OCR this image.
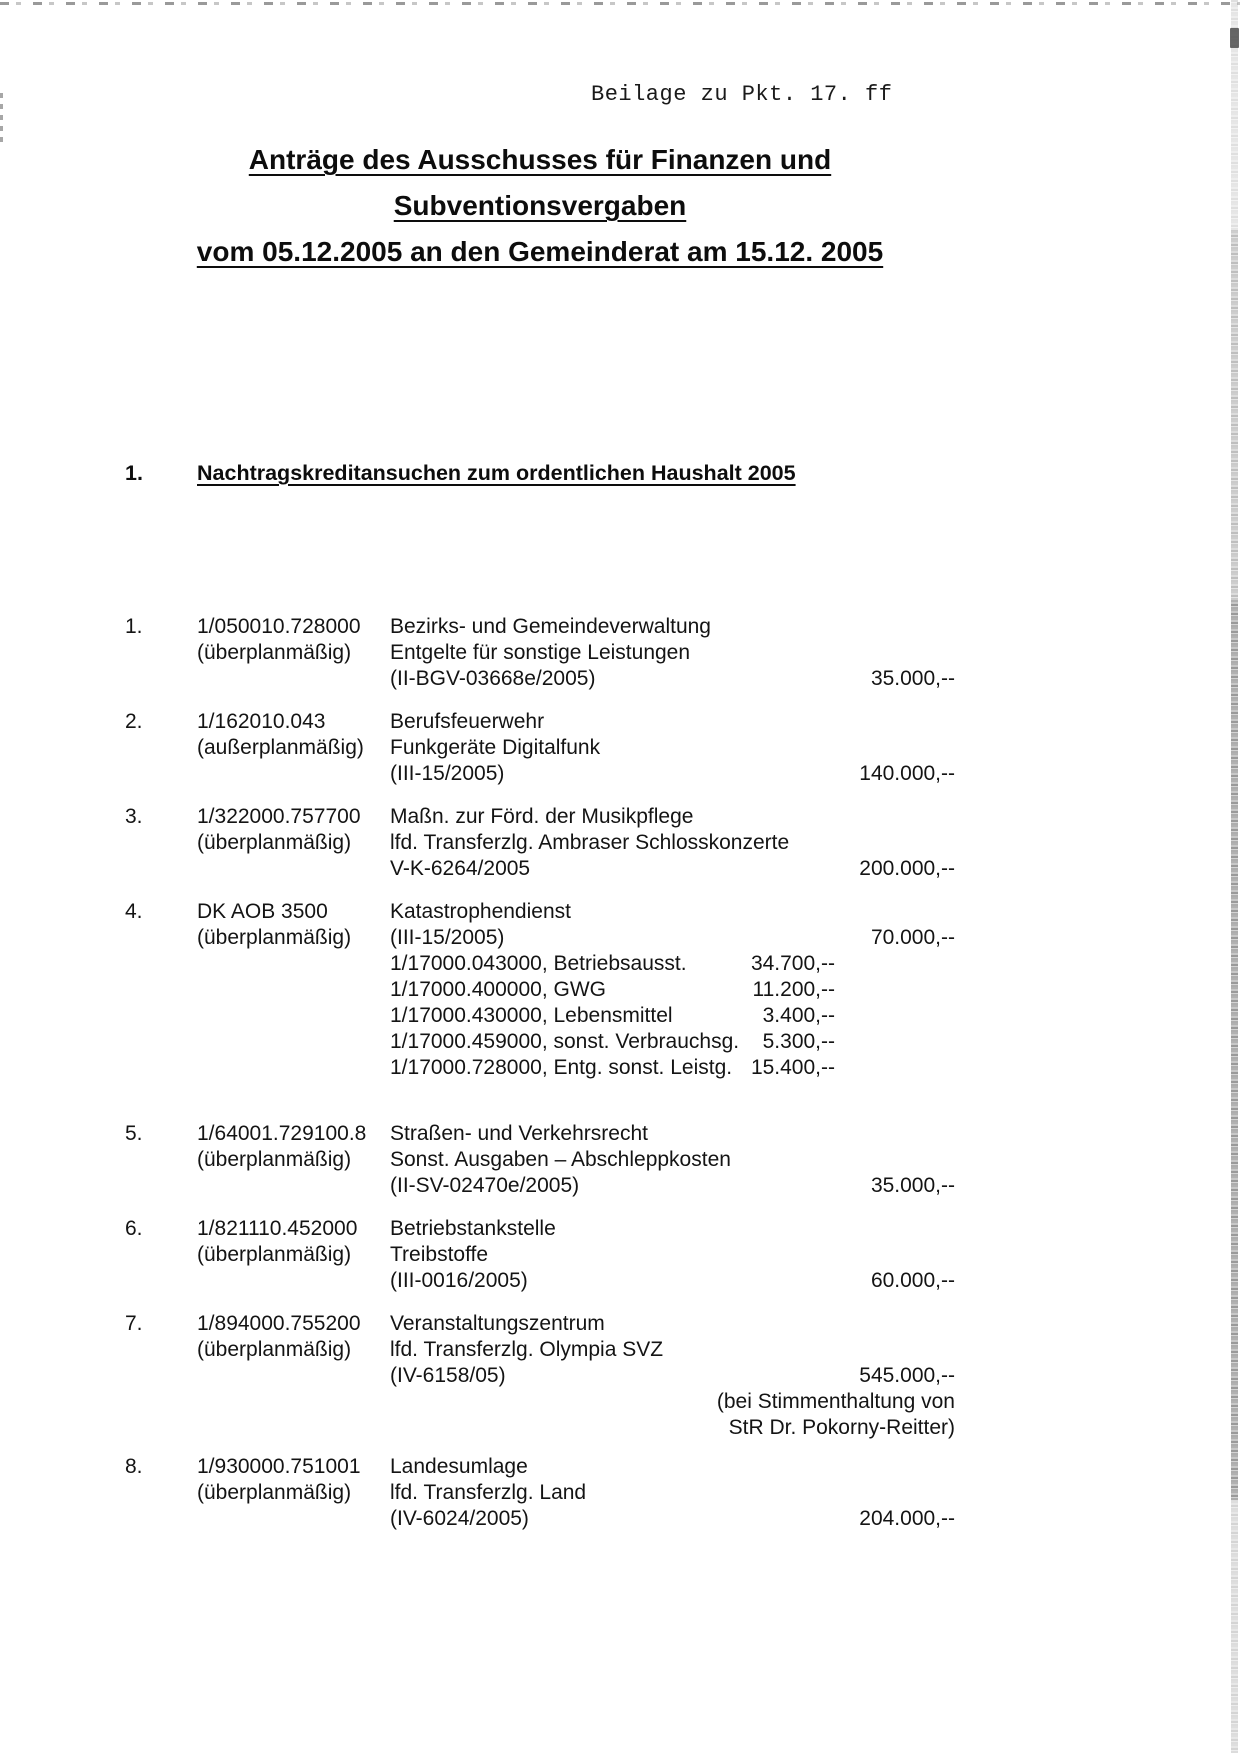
Beilage zu Pkt. 17. ff
Anträge des Ausschusses für Finanzen und Subventionsvergaben
vom 05.12.2005 an den Gemeinderat am 15.12. 2005
1.	Nachtragskreditansuchen zum ordentlichen Haushalt 2005
1.	1/050010.728000
(überplanmäßig)
Bezirks- und Gemeindeverwaltung
Entgelte für sonstige Leistungen
(II-BGV-03668e/2005)	35.000,--
2.	1/162010.043
(außerplanmäßig)
Berufsfeuerwehr
Funkgeräte Digitalfunk
(III-15/2005)	140.000,--
3.	1/322000.757700
(überplanmäßig)
Maßn. zur Förd. der Musikpflege
lfd. Transferzlg. Ambraser Schlosskonzerte
V-K-6264/2005	200.000,--
4.	DK AOB 3500
(überplanmäßig)
Katastrophendienst
(III-15/2005)	70.000,--
1/17000.043000, Betriebsausst.	34.700,--
1/17000.400000, GWG	11.200,--
1/17000.430000, Lebensmittel	3.400,--
1/17000.459000, sonst. Verbrauchsg. 5.300,--
1/17000.728000, Entg. sonst. Leistg. 15.400,--
5.	1/64001.729100.8
(überplanmäßig)
Straßen- und Verkehrsrecht
Sonst. Ausgaben – Abschleppkosten
(II-SV-02470e/2005)	35.000,--
6.	1/821110.452000
(überplanmäßig)
Betriebstankstelle
Treibstoffe
(III-0016/2005)	60.000,--
7.	1/894000.755200
(überplanmäßig)
Veranstaltungszentrum
lfd. Transferzlg. Olympia SVZ
(IV-6158/05)	545.000,--
(bei Stimmenthaltung von
StR Dr. Pokorny-Reitter)
8.	1/930000.751001
(überplanmäßig)
Landesumlage
lfd. Transferzlg. Land
(IV-6024/2005)	204.000,--
